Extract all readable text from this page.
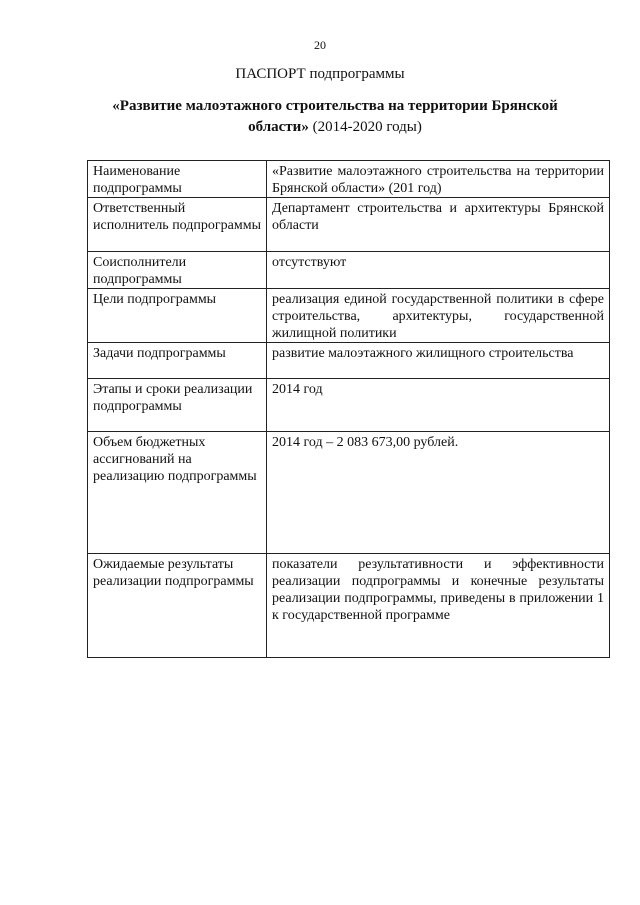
20
ПАСПОРТ подпрограммы
«Развитие малоэтажного строительства на территории Брянской области» (2014-2020 годы)
Наименование подпрограммы	«Развитие малоэтажного строительства на территории Брянской области» (201 год)
Ответственный исполнитель подпрограммы	Департамент строительства и архитектуры Брянской области
Соисполнители подпрограммы	отсутствуют
Цели подпрограммы	реализация единой государственной политики в сфере строительства, архитектуры, государственной жилищной политики
Задачи подпрограммы	развитие малоэтажного жилищного строительства
Этапы и сроки реализации подпрограммы	2014 год
Объем бюджетных ассигнований на реализацию подпрограммы	2014 год – 2 083 673,00 рублей.
Ожидаемые результаты реализации подпрограммы	показатели результативности и эффективности реализации подпрограммы и конечные результаты реализации подпрограммы, приведены в приложении 1 к государственной программе
